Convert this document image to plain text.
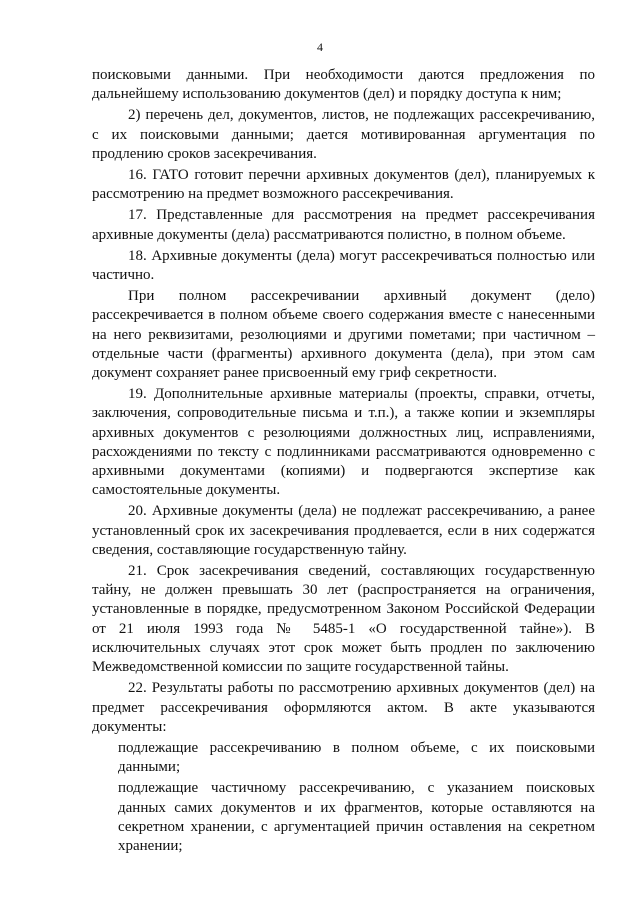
4

поисковыми данными. При необходимости даются предложения по дальнейшему использованию документов (дел) и порядку доступа к ним;

2) перечень дел, документов, листов, не подлежащих рассекречиванию, с их поисковыми данными; дается мотивированная аргументация по продлению сроков засекречивания.

16. ГАТО готовит перечни архивных документов (дел), планируемых к рассмотрению на предмет возможного рассекречивания.

17. Представленные для рассмотрения на предмет рассекречивания архивные документы (дела) рассматриваются полистно, в полном объеме.

18. Архивные документы (дела) могут рассекречиваться полностью или частично.

При полном рассекречивании архивный документ (дело) рассекречивается в полном объеме своего содержания вместе с нанесенными на него реквизитами, резолюциями и другими пометами; при частичном – отдельные части (фрагменты) архивного документа (дела), при этом сам документ сохраняет ранее присвоенный ему гриф секретности.

19. Дополнительные архивные материалы (проекты, справки, отчеты, заключения, сопроводительные письма и т.п.), а также копии и экземпляры архивных документов с резолюциями должностных лиц, исправлениями, расхождениями по тексту с подлинниками рассматриваются одновременно с архивными документами (копиями) и подвергаются экспертизе как самостоятельные документы.

20. Архивные документы (дела) не подлежат рассекречиванию, а ранее установленный срок их засекречивания продлевается, если в них содержатся сведения, составляющие государственную тайну.

21. Срок засекречивания сведений, составляющих государственную тайну, не должен превышать 30 лет (распространяется на ограничения, установленные в порядке, предусмотренном Законом Российской Федерации от 21 июля 1993 года № 5485-1 «О государственной тайне»). В исключительных случаях этот срок может быть продлен по заключению Межведомственной комиссии по защите государственной тайны.

22. Результаты работы по рассмотрению архивных документов (дел) на предмет рассекречивания оформляются актом. В акте указываются документы:

подлежащие рассекречиванию в полном объеме, с их поисковыми данными;

подлежащие частичному рассекречиванию, с указанием поисковых данных самих документов и их фрагментов, которые оставляются на секретном хранении, с аргументацией причин оставления на секретном хранении;
